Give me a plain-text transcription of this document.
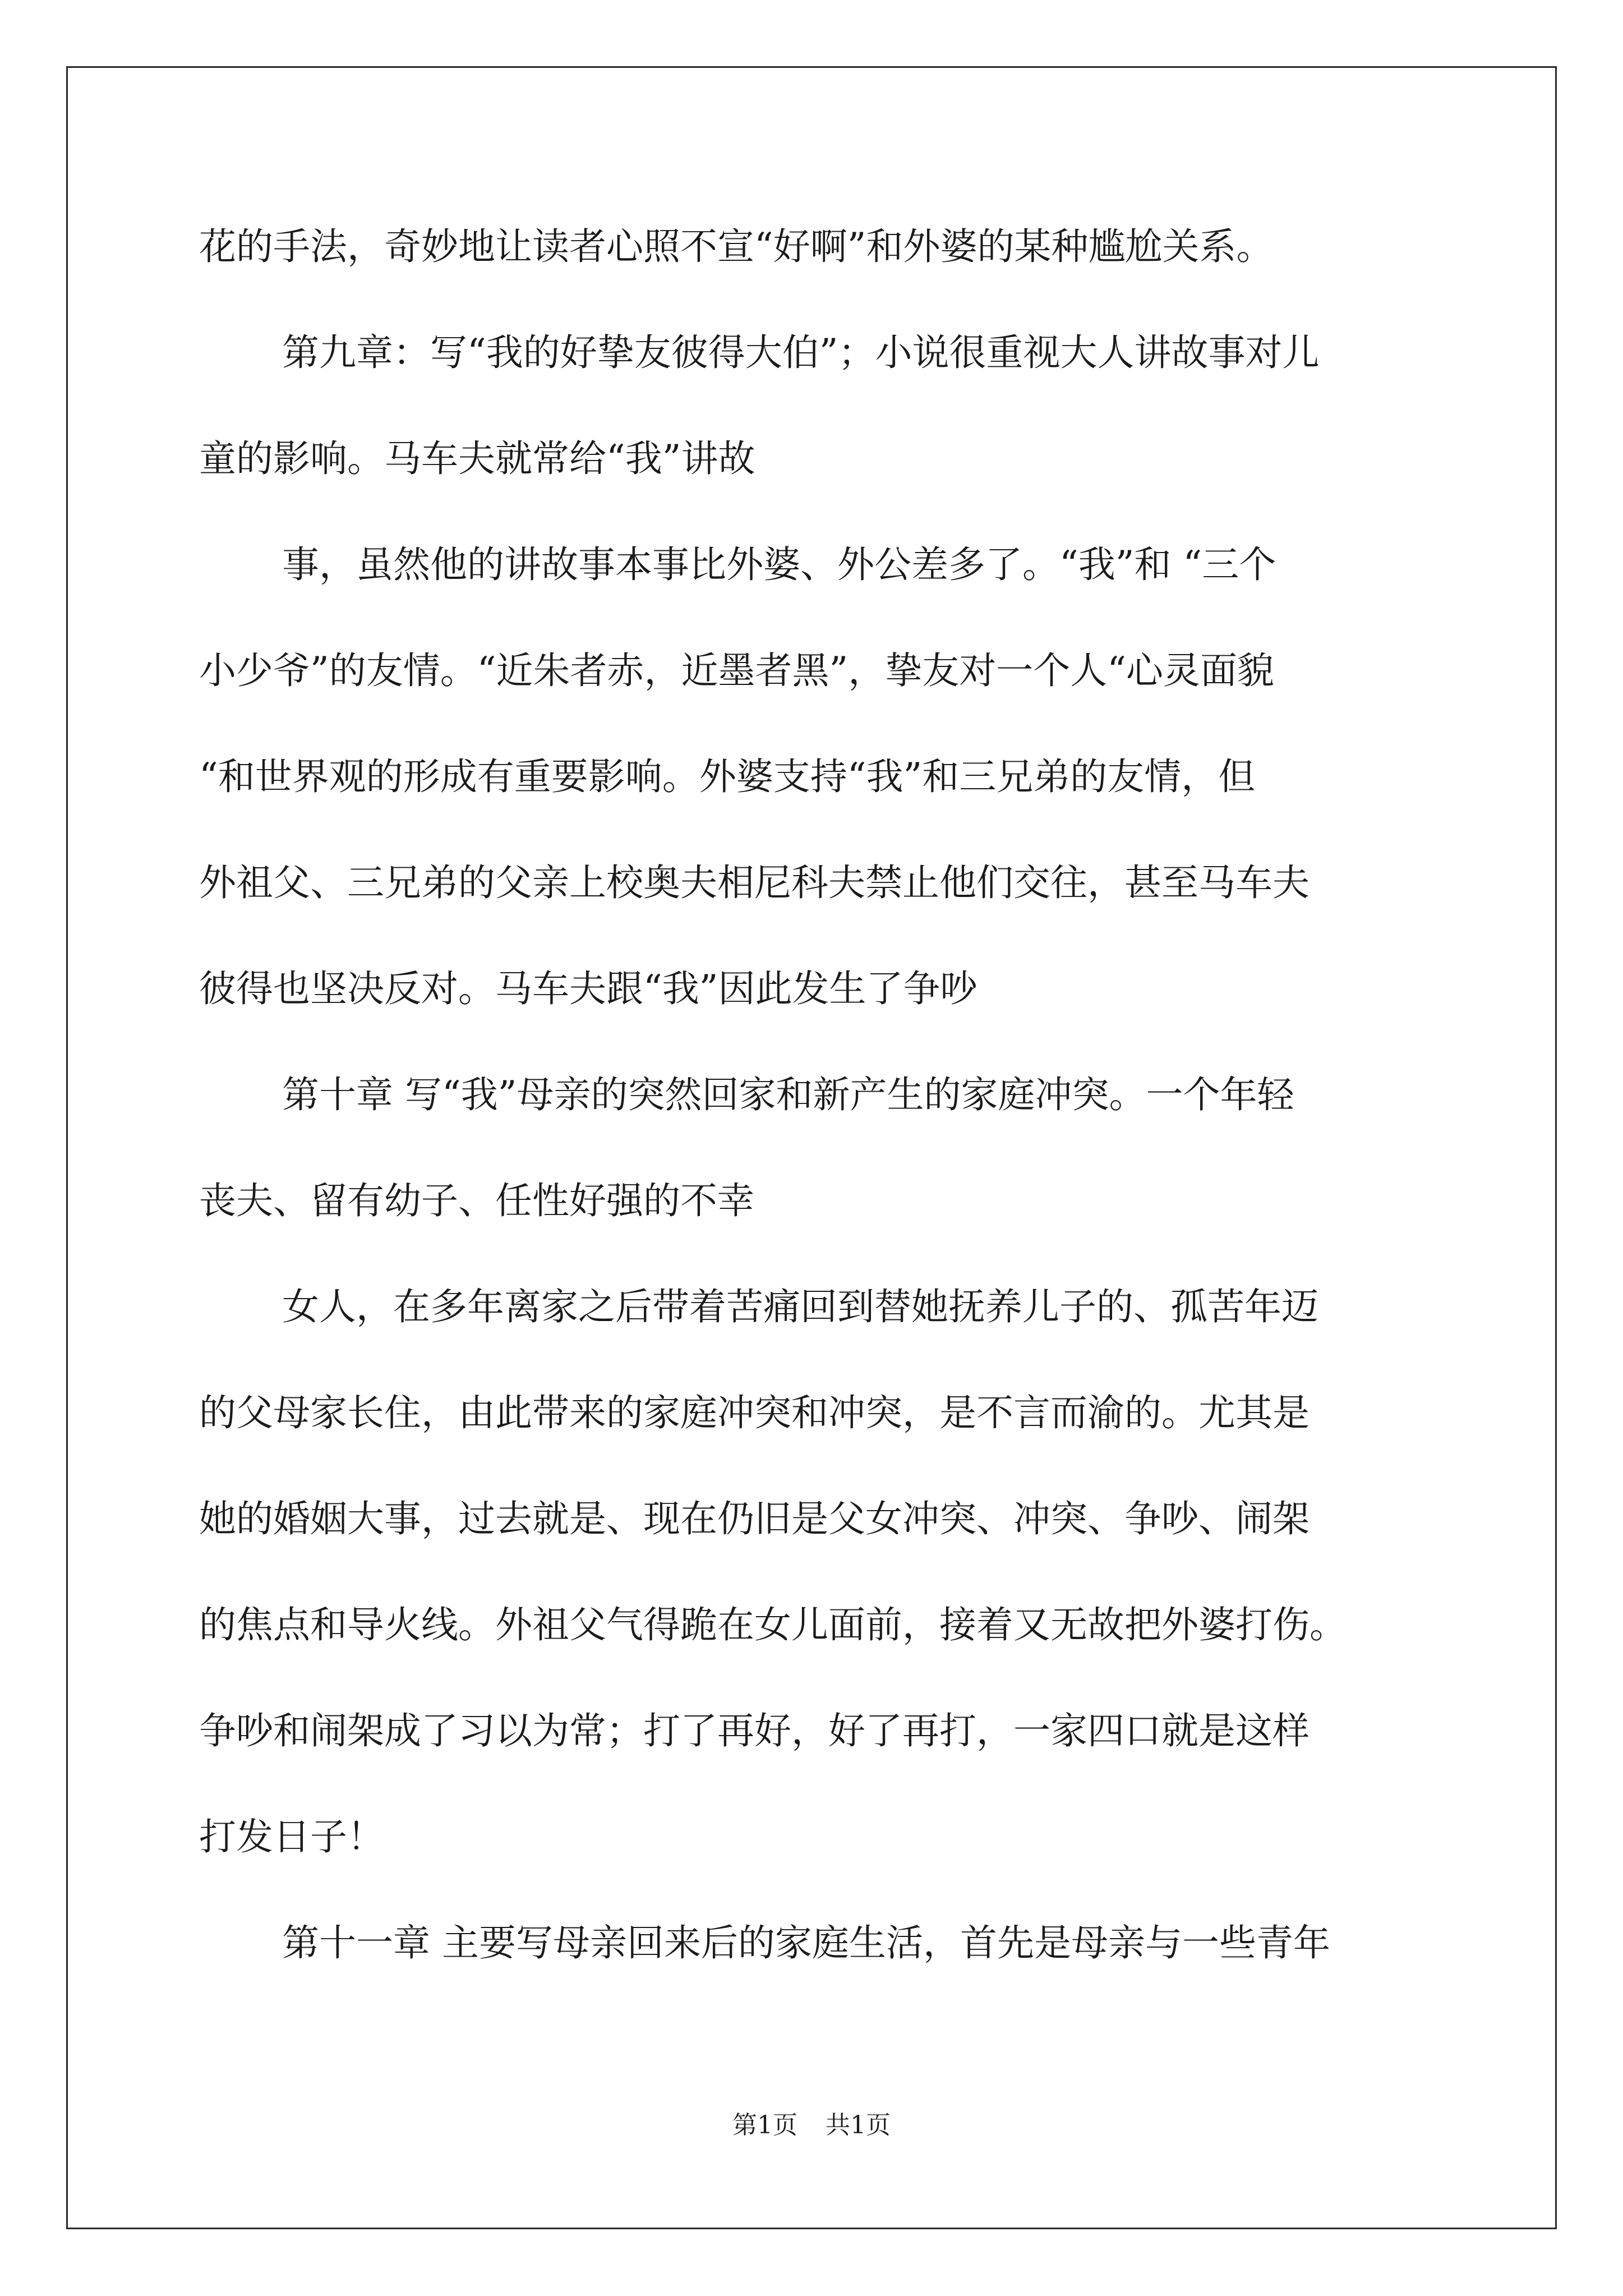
花的手法，奇妙地让读者心照不宣“好啊”和外婆的某种尴尬关系。
第九章：写“我的好挚友彼得大伯”；小说很重视大人讲故事对儿
童的影响。马车夫就常给“我”讲故
事，虽然他的讲故事本事比外婆、外公差多了。“我”和 “三个
小少爷”的友情。“近朱者赤，近墨者黑”，挚友对一个人“心灵面貌
“和世界观的形成有重要影响。外婆支持“我”和三兄弟的友情，但
外祖父、三兄弟的父亲上校奥夫相尼科夫禁止他们交往，甚至马车夫
彼得也坚决反对。马车夫跟“我”因此发生了争吵
第十章 写“我”母亲的突然回家和新产生的家庭冲突。一个年轻
丧夫、留有幼子、任性好强的不幸
女人，在多年离家之后带着苦痛回到替她抚养儿子的、孤苦年迈
的父母家长住，由此带来的家庭冲突和冲突，是不言而渝的。尤其是
她的婚姻大事，过去就是、现在仍旧是父女冲突、冲突、争吵、闹架
的焦点和导火线。外祖父气得跪在女儿面前，接着又无故把外婆打伤。
争吵和闹架成了习以为常；打了再好，好了再打，一家四口就是这样
打发日子！
第十一章 主要写母亲回来后的家庭生活，首先是母亲与一些青年
第1页 共1页
